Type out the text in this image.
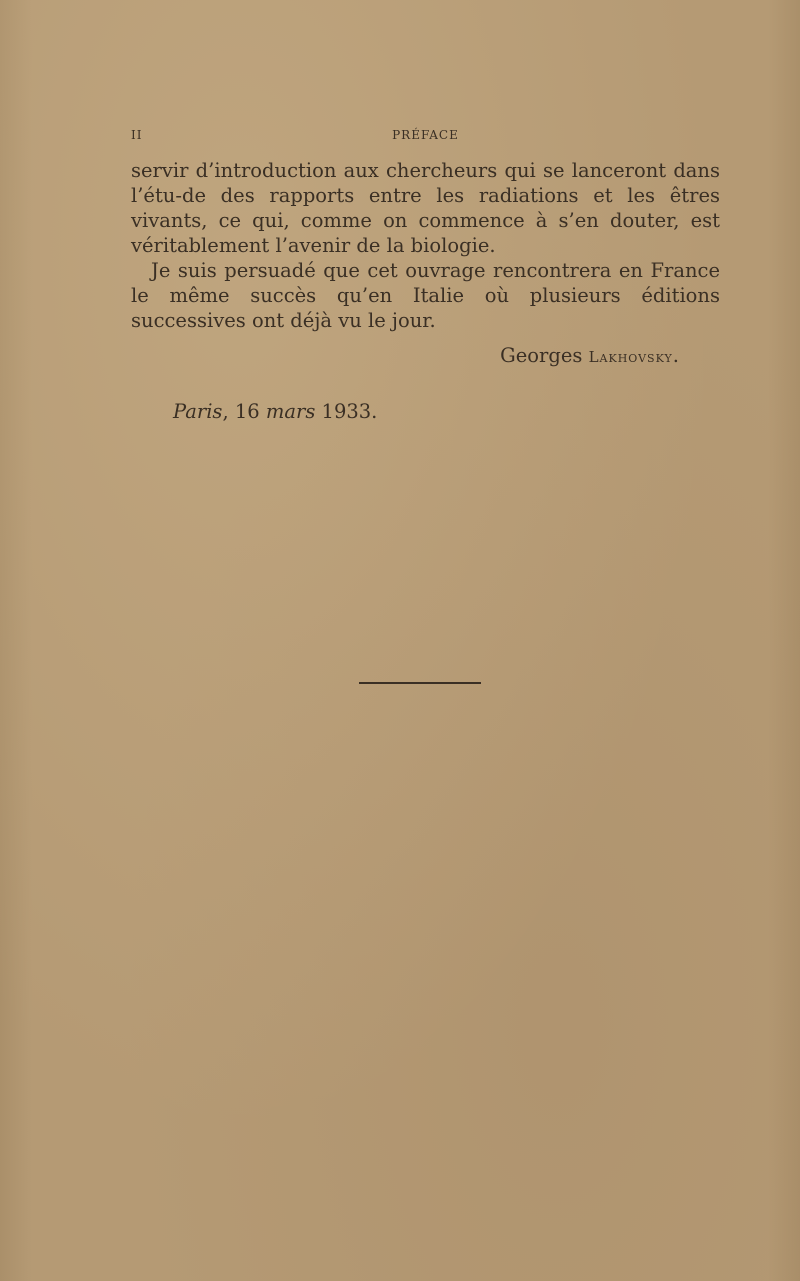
II	PRÉFACE

servir d’introduction aux chercheurs qui se lanceront dans l’étu-de des rapports entre les radiations et les êtres vivants, ce qui, comme on commence à s’en douter, est véritablement l’avenir de la biologie.

Je suis persuadé que cet ouvrage rencontrera en France le même succès qu’en Italie où plusieurs éditions successives ont déjà vu le jour.

Georges Lakhovsky.
Paris, 16 mars 1933.
